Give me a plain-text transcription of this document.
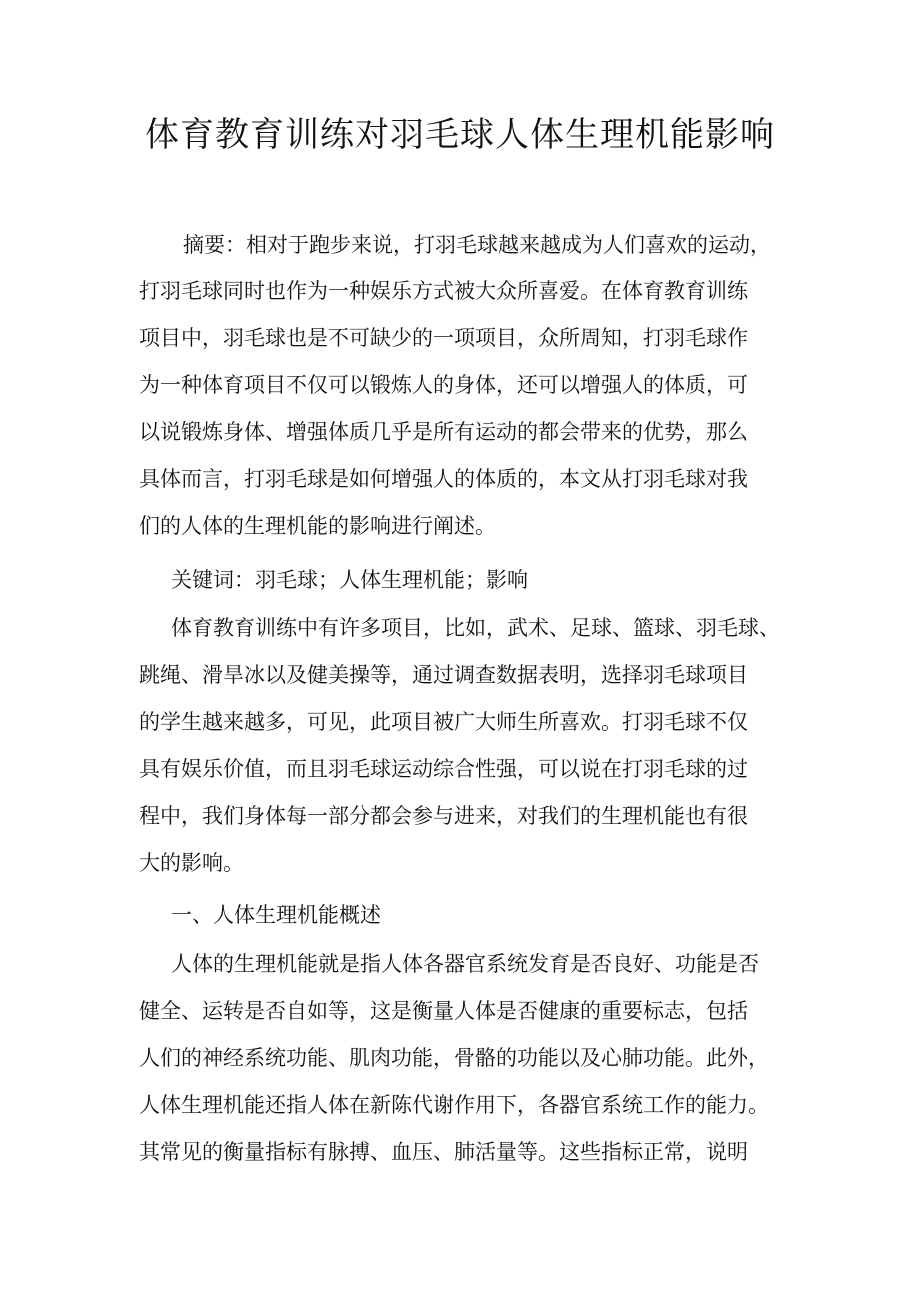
体育教育训练对羽毛球人体生理机能影响

摘要：相对于跑步来说，打羽毛球越来越成为人们喜欢的运动，

打羽毛球同时也作为一种娱乐方式被大众所喜爱。在体育教育训练

项目中，羽毛球也是不可缺少的一项项目，众所周知，打羽毛球作

为一种体育项目不仅可以锻炼人的身体，还可以增强人的体质，可

以说锻炼身体、增强体质几乎是所有运动的都会带来的优势，那么

具体而言，打羽毛球是如何增强人的体质的，本文从打羽毛球对我

们的人体的生理机能的影响进行阐述。

关键词：羽毛球；人体生理机能；影响

体育教育训练中有许多项目，比如，武术、足球、篮球、羽毛球、

跳绳、滑旱冰以及健美操等，通过调查数据表明，选择羽毛球项目

的学生越来越多，可见，此项目被广大师生所喜欢。打羽毛球不仅

具有娱乐价值，而且羽毛球运动综合性强，可以说在打羽毛球的过

程中，我们身体每一部分都会参与进来，对我们的生理机能也有很

大的影响。

一、人体生理机能概述

人体的生理机能就是指人体各器官系统发育是否良好、功能是否

健全、运转是否自如等，这是衡量人体是否健康的重要标志，包括

人们的神经系统功能、肌肉功能，骨骼的功能以及心肺功能。此外，

人体生理机能还指人体在新陈代谢作用下，各器官系统工作的能力。

其常见的衡量指标有脉搏、血压、肺活量等。这些指标正常，说明
